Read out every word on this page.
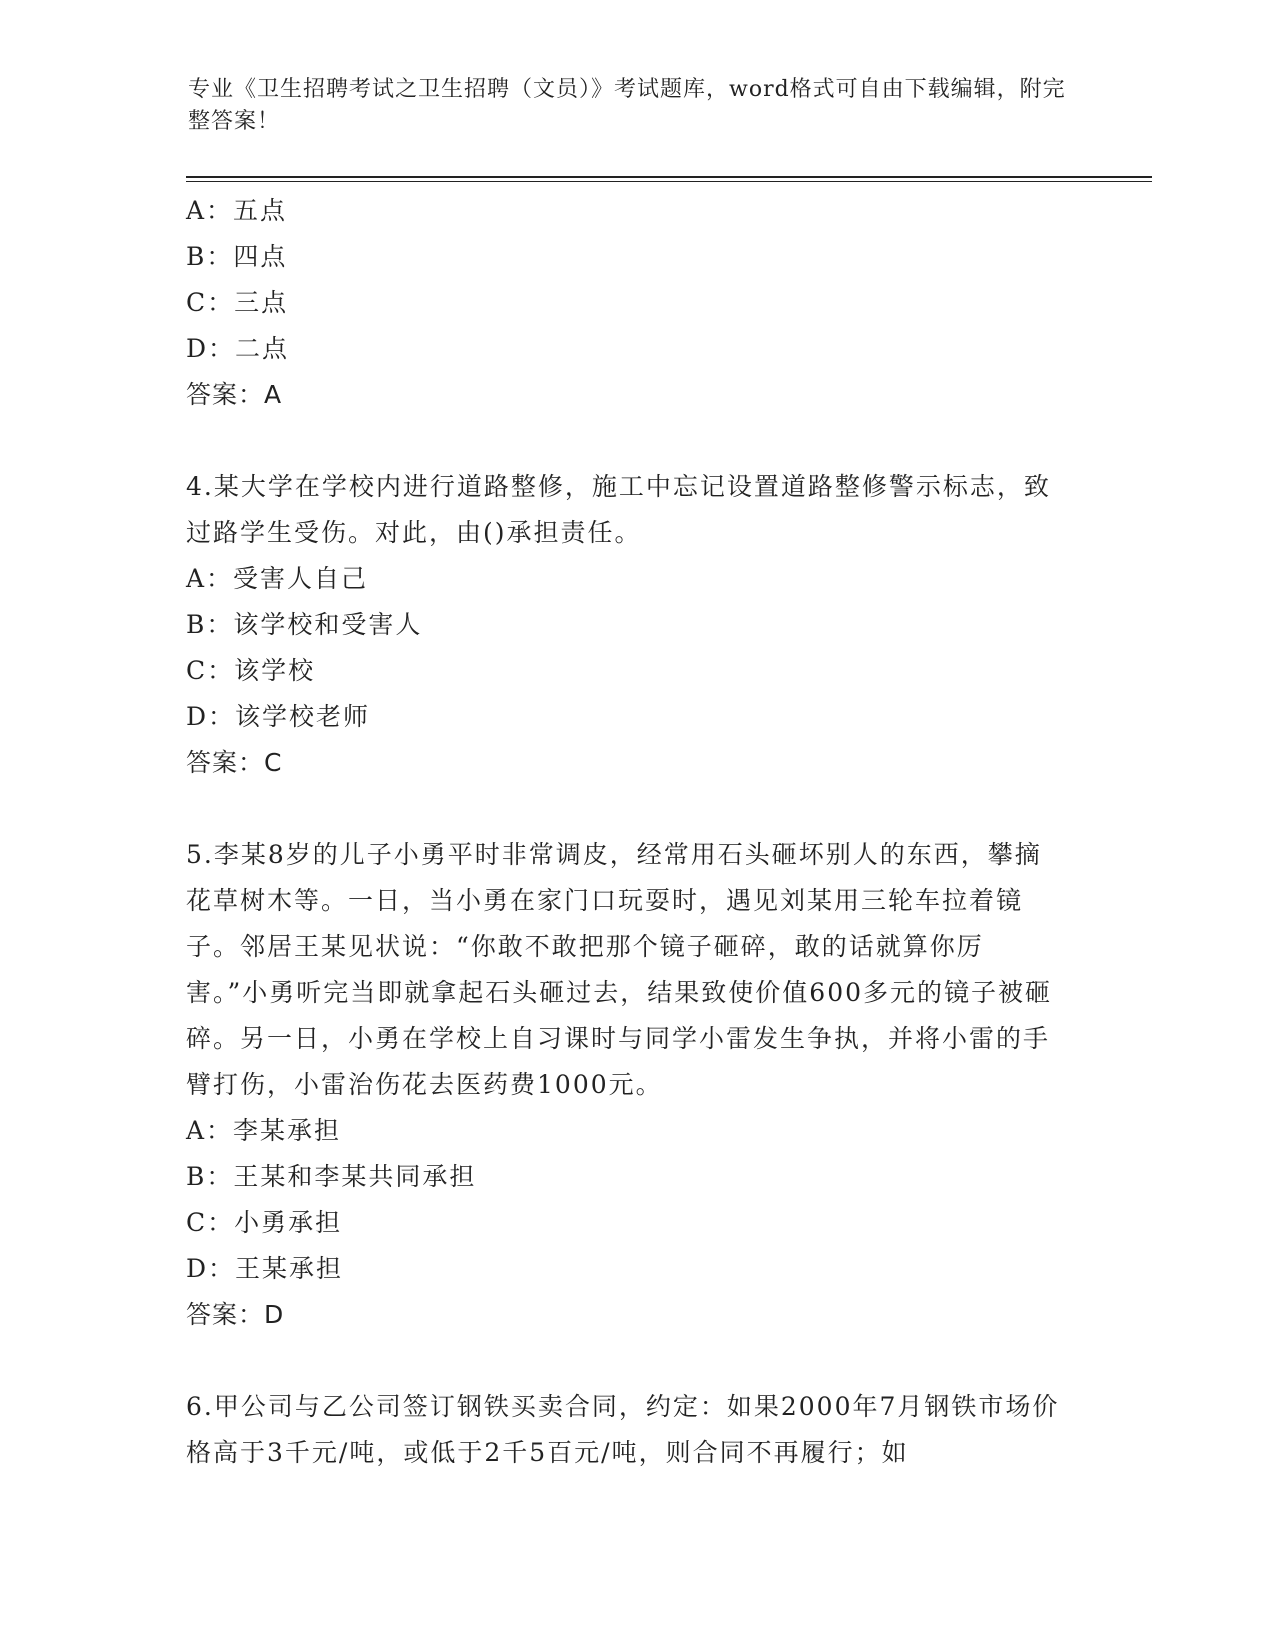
专业《卫生招聘考试之卫生招聘（文员）》考试题库，word格式可自由下载编辑，附完整答案！
A：五点
B：四点
C：三点
D：二点
答案：A

4.某大学在学校内进行道路整修，施工中忘记设置道路整修警示标志，致过路学生受伤。对此，由()承担责任。

A：受害人自己
B：该学校和受害人
C：该学校
D：该学校老师
答案：C

5.李某8岁的儿子小勇平时非常调皮，经常用石头砸坏别人的东西，攀摘花草树木等。一日，当小勇在家门口玩耍时，遇见刘某用三轮车拉着镜子。邻居王某见状说：“你敢不敢把那个镜子砸碎，敢的话就算你厉害。”小勇听完当即就拿起石头砸过去，结果致使价值600多元的镜子被砸碎。另一日，小勇在学校上自习课时与同学小雷发生争执，并将小雷的手臂打伤，小雷治伤花去医药费1000元。

A：李某承担
B：王某和李某共同承担
C：小勇承担
D：王某承担
答案：D

6.甲公司与乙公司签订钢铁买卖合同，约定：如果2000年7月钢铁市场价格高于3千元/吨，或低于2千5百元/吨，则合同不再履行；如
